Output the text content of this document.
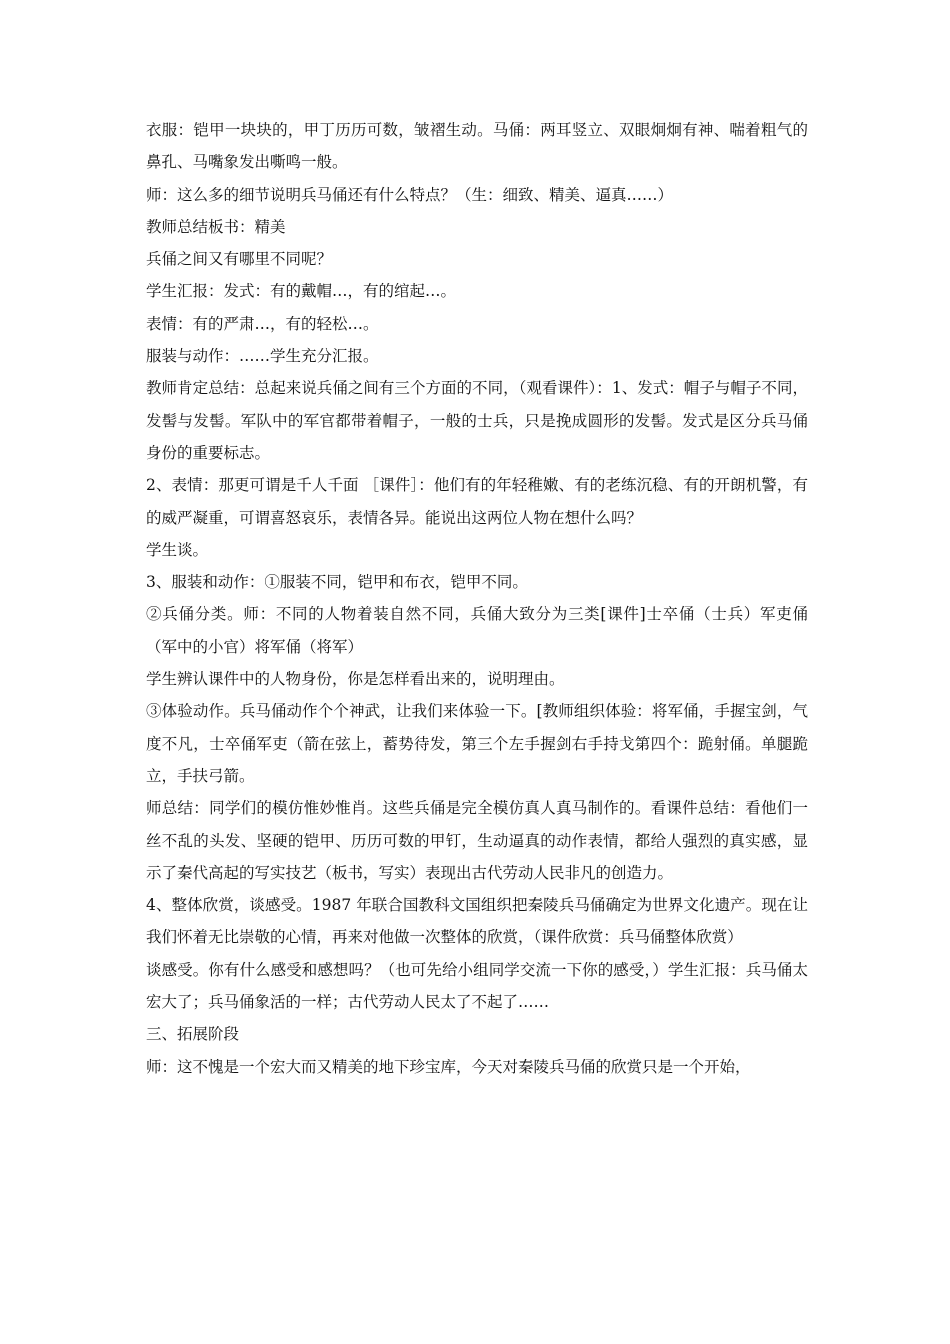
衣服：铠甲一块块的，甲丁历历可数，皱褶生动。马俑：两耳竖立、双眼炯炯有神、喘着粗气的鼻孔、马嘴象发出嘶鸣一般。

师：这么多的细节说明兵马俑还有什么特点？（生：细致、精美、逼真……）

教师总结板书：精美

兵俑之间又有哪里不同呢？

学生汇报：发式：有的戴帽…，有的绾起…。

表情：有的严肃…，有的轻松…。

服装与动作：……学生充分汇报。

教师肯定总结：总起来说兵俑之间有三个方面的不同，（观看课件）：1、发式：帽子与帽子不同，发髻与发髻。军队中的军官都带着帽子，一般的士兵，只是挽成圆形的发髻。发式是区分兵马俑身份的重要标志。

2、表情：那更可谓是千人千面 ［课件］：他们有的年轻稚嫩、有的老练沉稳、有的开朗机警，有的威严凝重，可谓喜怒哀乐，表情各异。能说出这两位人物在想什么吗？

学生谈。

3、服装和动作：①服装不同，铠甲和布衣，铠甲不同。

②兵俑分类。师：不同的人物着装自然不同，兵俑大致分为三类[课件]士卒俑（士兵）军吏俑（军中的小官）将军俑（将军）

学生辨认课件中的人物身份，你是怎样看出来的，说明理由。

③体验动作。兵马俑动作个个神武，让我们来体验一下。[教师组织体验：将军俑，手握宝剑，气度不凡，士卒俑军吏（箭在弦上，蓄势待发，第三个左手握剑右手持戈第四个：跪射俑。单腿跪立，手扶弓箭。

师总结：同学们的模仿惟妙惟肖。这些兵俑是完全模仿真人真马制作的。看课件总结：看他们一丝不乱的头发、坚硬的铠甲、历历可数的甲钉，生动逼真的动作表情，都给人强烈的真实感，显示了秦代高起的写实技艺（板书，写实）表现出古代劳动人民非凡的创造力。

4、整体欣赏，谈感受。1987 年联合国教科文国组织把秦陵兵马俑确定为世界文化遗产。现在让我们怀着无比崇敬的心情，再来对他做一次整体的欣赏，（课件欣赏：兵马俑整体欣赏）

谈感受。你有什么感受和感想吗？（也可先给小组同学交流一下你的感受，）学生汇报：兵马俑太宏大了；兵马俑象活的一样；古代劳动人民太了不起了……

三、拓展阶段

师：这不愧是一个宏大而又精美的地下珍宝库，今天对秦陵兵马俑的欣赏只是一个开始，
